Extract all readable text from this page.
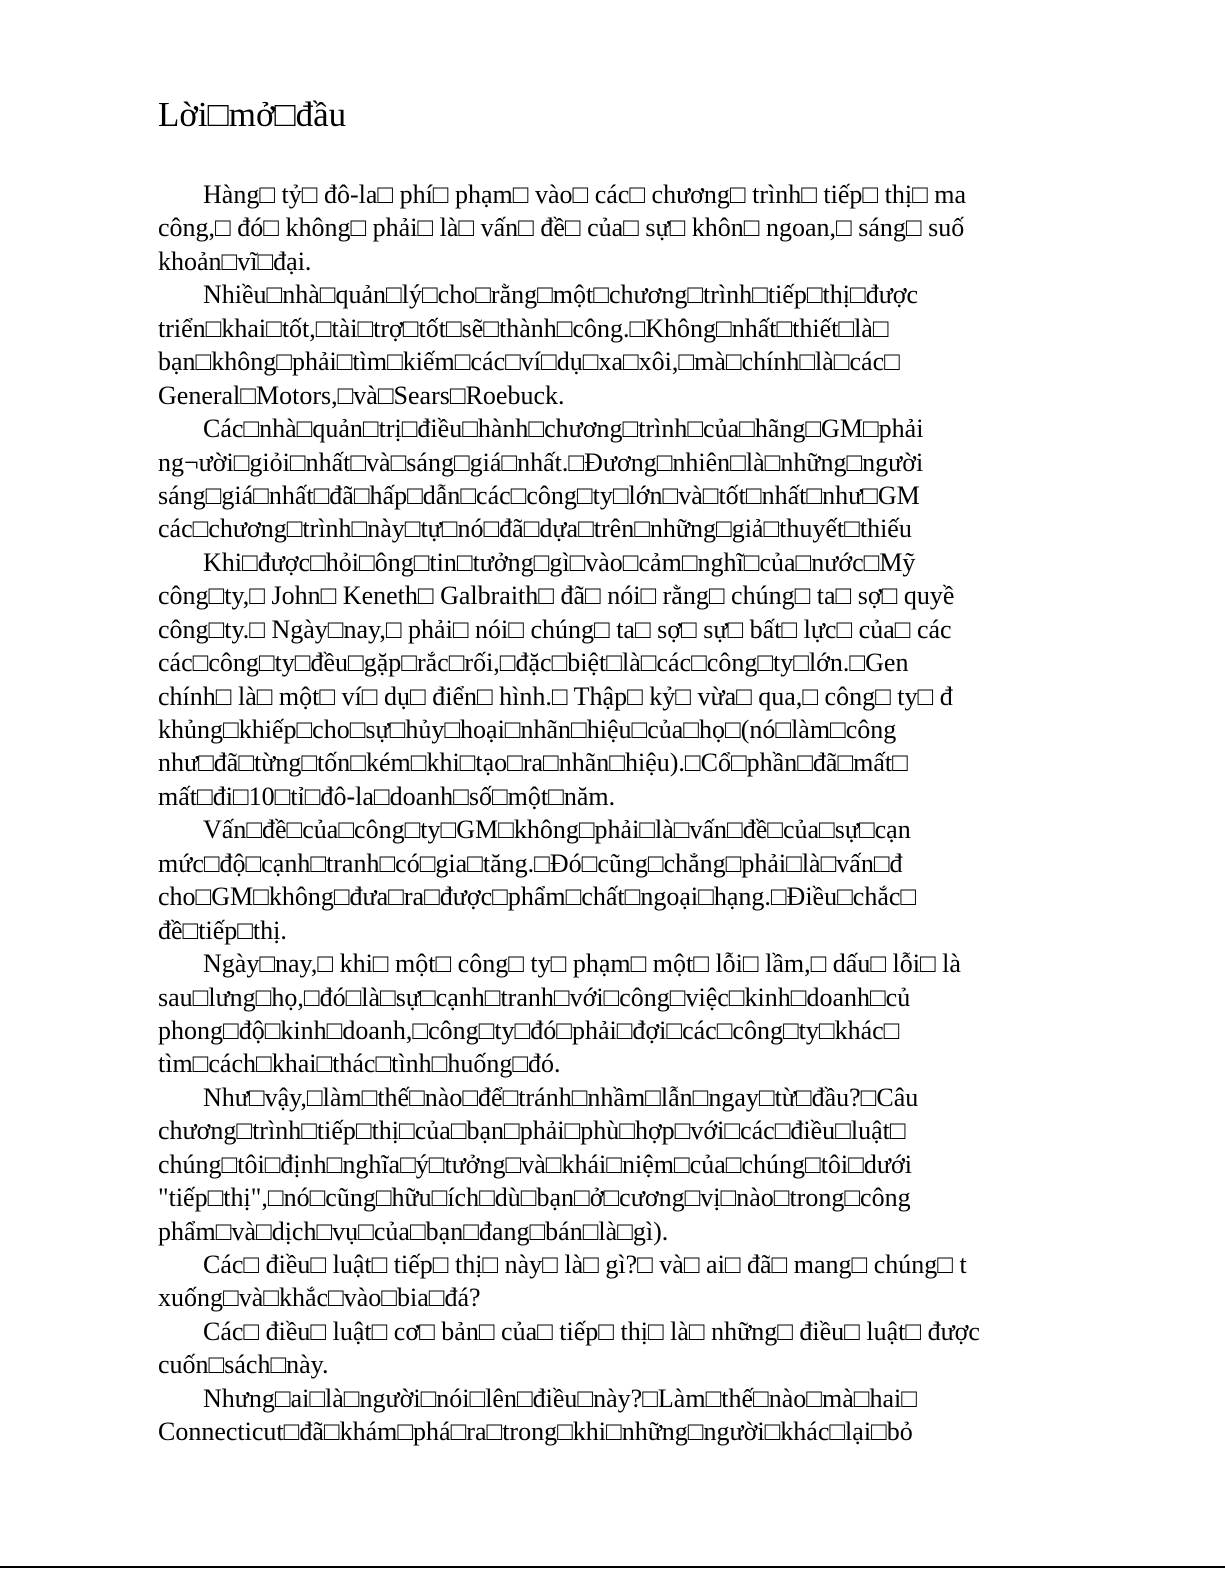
Lời□mở□đầu
Hàng□ tỷ□ đô-la□ phí□ phạm□ vào□ các□ chương□ trình□ tiếp□ thị□ ma
công,□ đó□ không□ phải□ là□ vấn□ đề□ của□ sự□ khôn□ ngoan,□ sáng□ suố
khoản□vĩ□đại.
Nhiều□nhà□quản□lý□cho□rằng□một□chương□trình□tiếp□thị□được
triển□khai□tốt,□tài□trợ□tốt□sẽ□thành□công.□Không□nhất□thiết□là□
bạn□không□phải□tìm□kiếm□các□ví□dụ□xa□xôi,□mà□chính□là□các□
General□Motors,□và□Sears□Roebuck.
Các□nhà□quản□trị□điều□hành□chương□trình□của□hãng□GM□phải
ng¬ười□giỏi□nhất□và□sáng□giá□nhất.□Đương□nhiên□là□những□người
sáng□giá□nhất□đã□hấp□dẫn□các□công□ty□lớn□và□tốt□nhất□như□GM
các□chương□trình□này□tự□nó□đã□dựa□trên□những□giả□thuyết□thiếu
Khi□được□hỏi□ông□tin□tưởng□gì□vào□cảm□nghĩ□của□nước□Mỹ
công□ty,□ John□ Keneth□ Galbraith□ đã□ nói□ rằng□ chúng□ ta□ sợ□ quyề
công□ty.□ Ngày□nay,□ phải□ nói□ chúng□ ta□ sợ□ sự□ bất□ lực□ của□ các
các□công□ty□đều□gặp□rắc□rối,□đặc□biệt□là□các□công□ty□lớn.□Gen
chính□ là□ một□ ví□ dụ□ điển□ hình.□ Thập□ kỷ□ vừa□ qua,□ công□ ty□ đ
khủng□khiếp□cho□sự□hủy□hoại□nhãn□hiệu□của□họ□(nó□làm□công
như□đã□từng□tốn□kém□khi□tạo□ra□nhãn□hiệu).□Cổ□phần□đã□mất□
mất□đi□10□tỉ□đô-la□doanh□số□một□năm.
Vấn□đề□của□công□ty□GM□không□phải□là□vấn□đề□của□sự□cạn
mức□độ□cạnh□tranh□có□gia□tăng.□Đó□cũng□chẳng□phải□là□vấn□đ
cho□GM□không□đưa□ra□được□phẩm□chất□ngoại□hạng.□Điều□chắc□
đề□tiếp□thị.
Ngày□nay,□ khi□ một□ công□ ty□ phạm□ một□ lỗi□ lầm,□ dấu□ lỗi□ là
sau□lưng□họ,□đó□là□sự□cạnh□tranh□với□công□việc□kinh□doanh□củ
phong□độ□kinh□doanh,□công□ty□đó□phải□đợi□các□công□ty□khác□
tìm□cách□khai□thác□tình□huống□đó.
Như□vậy,□làm□thế□nào□để□tránh□nhầm□lẫn□ngay□từ□đầu?□Câu
chương□trình□tiếp□thị□của□bạn□phải□phù□hợp□với□các□điều□luật□
chúng□tôi□định□nghĩa□ý□tưởng□và□khái□niệm□của□chúng□tôi□dưới
"tiếp□thị",□nó□cũng□hữu□ích□dù□bạn□ở□cương□vị□nào□trong□công
phẩm□và□dịch□vụ□của□bạn□đang□bán□là□gì).
Các□ điều□ luật□ tiếp□ thị□ này□ là□ gì?□ và□ ai□ đã□ mang□ chúng□ t
xuống□và□khắc□vào□bia□đá?
Các□ điều□ luật□ cơ□ bản□ của□ tiếp□ thị□ là□ những□ điều□ luật□ được
cuốn□sách□này.
Nhưng□ai□là□người□nói□lên□điều□này?□Làm□thế□nào□mà□hai□
Connecticut□đã□khám□phá□ra□trong□khi□những□người□khác□lại□bỏ
